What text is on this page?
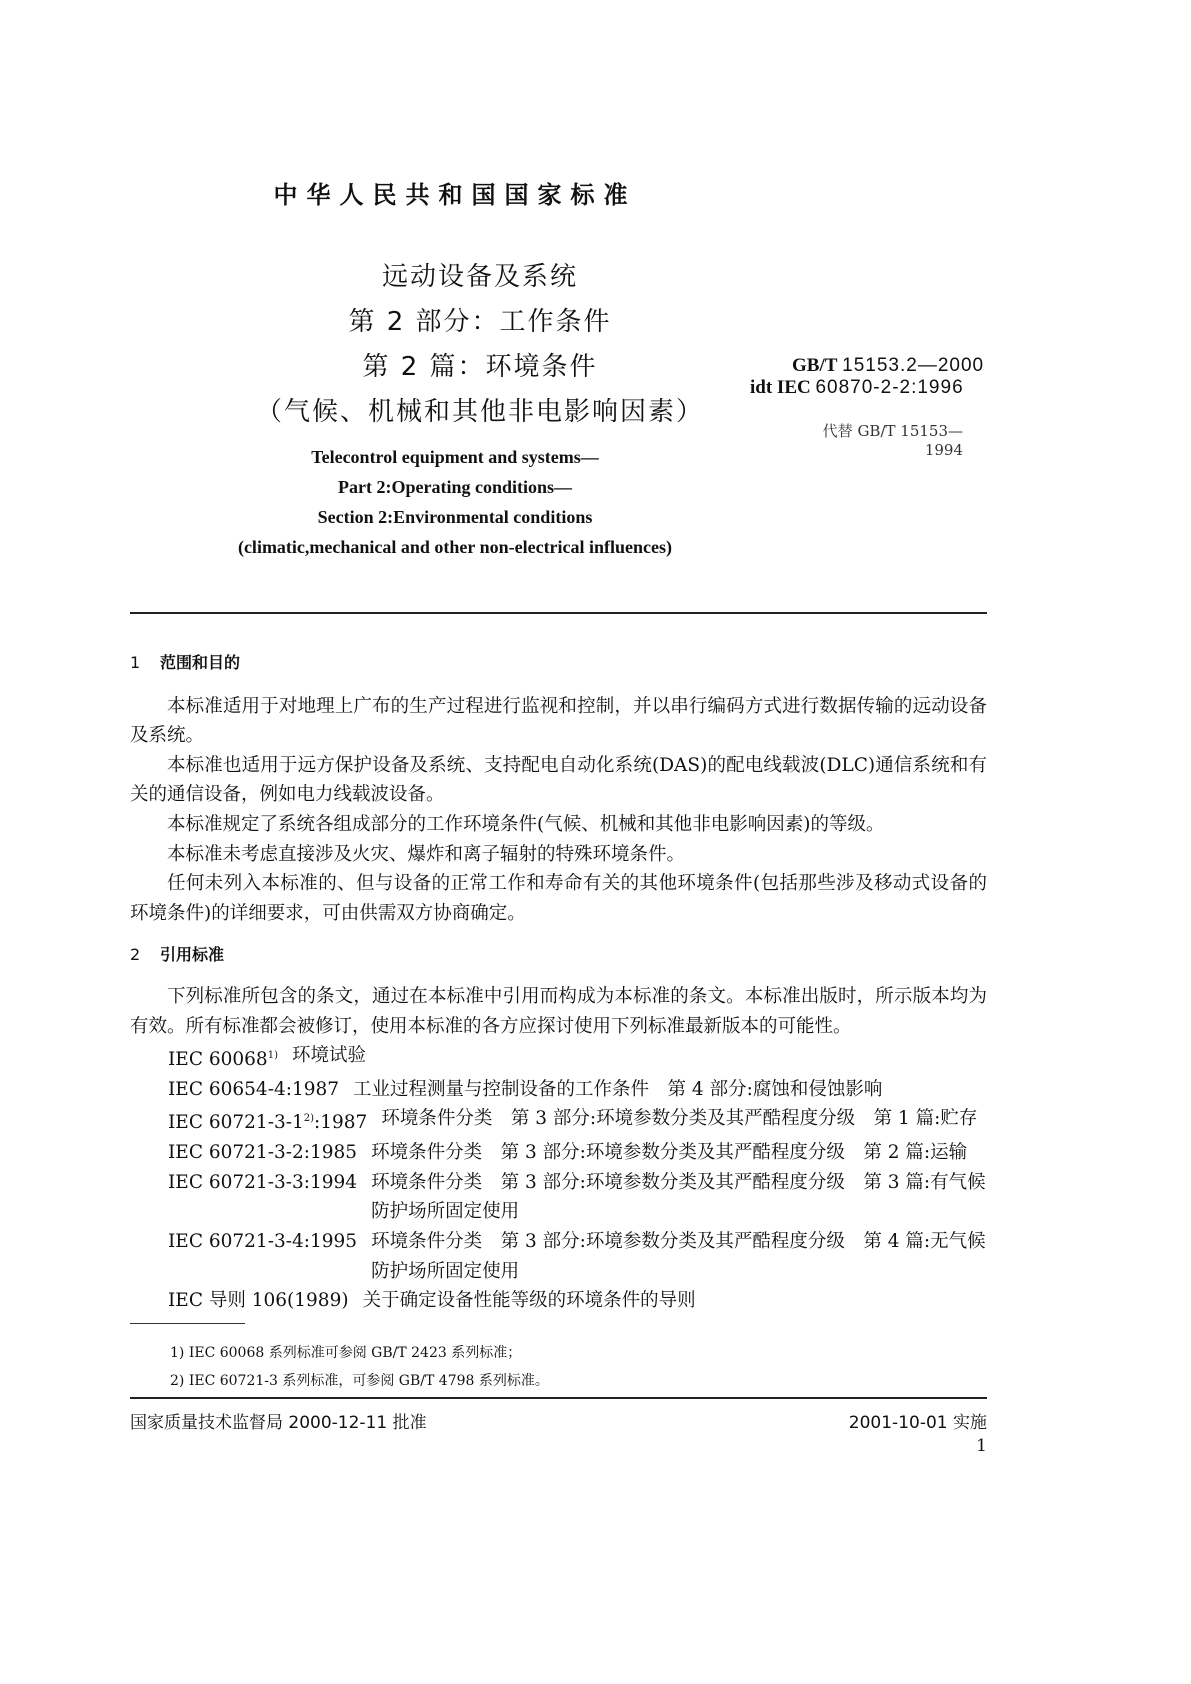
中华人民共和国国家标准
远动设备及系统
第 2 部分：工作条件
第 2 篇：环境条件
（气候、机械和其他非电影响因素）
GB/T 15153.2—2000
idt IEC 60870-2-2:1996
代替 GB/T 15153—1994
Telecontrol equipment and systems—
Part 2:Operating conditions—
Section 2:Environmental conditions
(climatic,mechanical and other non-electrical influences)
1 范围和目的

本标准适用于对地理上广布的生产过程进行监视和控制，并以串行编码方式进行数据传输的远动设备及系统。

本标准也适用于远方保护设备及系统、支持配电自动化系统(DAS)的配电线载波(DLC)通信系统和有关的通信设备，例如电力线载波设备。

本标准规定了系统各组成部分的工作环境条件(气候、机械和其他非电影响因素)的等级。

本标准未考虑直接涉及火灾、爆炸和离子辐射的特殊环境条件。

任何未列入本标准的、但与设备的正常工作和寿命有关的其他环境条件(包括那些涉及移动式设备的环境条件)的详细要求，可由供需双方协商确定。

2 引用标准

下列标准所包含的条文，通过在本标准中引用而构成为本标准的条文。本标准出版时，所示版本均为有效。所有标准都会被修订，使用本标准的各方应探讨使用下列标准最新版本的可能性。

IEC 60068$^{1)}$ 环境试验
IEC 60654-4:1987 工业过程测量与控制设备的工作条件　第 4 部分:腐蚀和侵蚀影响
IEC 60721-3-1$^{2)}$:1987 环境条件分类　第 3 部分:环境参数分类及其严酷程度分级　第 1 篇:贮存
IEC 60721-3-2:1985 环境条件分类　第 3 部分:环境参数分类及其严酷程度分级　第 2 篇:运输
IEC 60721-3-3:1994 环境条件分类　第 3 部分:环境参数分类及其严酷程度分级　第 3 篇:有气候防护场所固定使用
IEC 60721-3-4:1995 环境条件分类　第 3 部分:环境参数分类及其严酷程度分级　第 4 篇:无气候防护场所固定使用
IEC 导则 106(1989) 关于确定设备性能等级的环境条件的导则
1) IEC 60068 系列标准可参阅 GB/T 2423 系列标准；
2) IEC 60721-3 系列标准，可参阅 GB/T 4798 系列标准。
国家质量技术监督局 2000-12-11 批准	2001-10-01 实施
1
